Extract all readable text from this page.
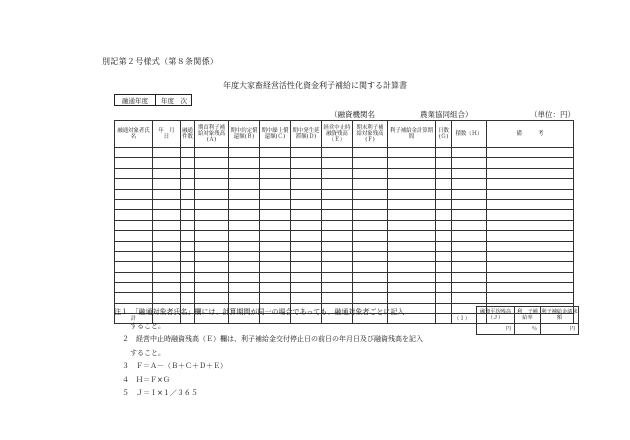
別記第２号様式（第８条関係）
年度大家畜経営活性化資金利子補給に関する計算書
融通年度	年度　次
（融資機関名	農業協同組合）	（単位：円）
融通対象者氏　　名	年　月　日	融通件数	期首利子補給対象残高(Ａ)	期中約定償還額(Ｂ)	期中繰上償還額(Ｃ)	期中発生延滞額(Ｄ)	経営中止時融資残高（Ｅ）	期末利子補給対象残高(Ｆ)	利子補給金計算期間	日数(Ｇ)	積数（Ｈ）	備　　　考

計											（Ｉ）	
注１　 「融通対象者氏名」欄には、計算期間が同一の場合であっても、融通対象者ごとに記入
すること。
２　 経営中止時融資残高（Ｅ）欄は、利子補給金交付停止日の前日の年月日及び融資残高を記入
すること。
３　 Ｆ＝Ａ－（Ｂ＋Ｃ＋Ｄ＋Ｅ）
４　 Ｈ＝Ｆ×Ｇ
５　 Ｊ＝Ｉ×１／３６５
融資平均残高（Ｊ）	利　子補給率	利子補給金請求額
円	％	円
